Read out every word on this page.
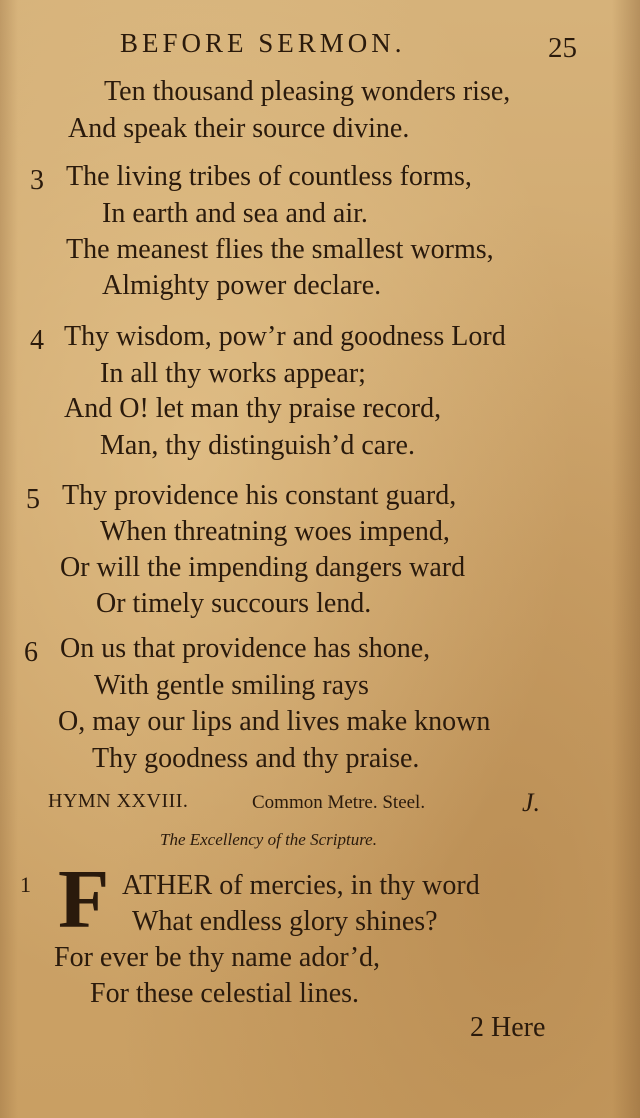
BEFORE SERMON.	25
Ten thousand pleasing wonders rise,
And speak their source divine.
3 The living tribes of countless forms,
In earth and sea and air.
The meanest flies the smallest worms,
Almighty power declare.
4 Thy wisdom, pow’r and goodness Lord
In all thy works appear;
And O! let man thy praise record,
Man, thy distinguish’d care.
5 Thy providence his constant guard,
When threatning woes impend,
Or will the impending dangers ward
Or timely succours lend.
6 On us that providence has shone,
With gentle smiling rays
O, may our lips and lives make known
Thy goodness and thy praise.
HYMN XXVIII.	Common Metre. Steel.	J.
The Excellency of the Scripture.
1 F ATHER of mercies, in thy word
What endless glory shines?
For ever be thy name ador’d,
For these celestial lines.
2 Here
